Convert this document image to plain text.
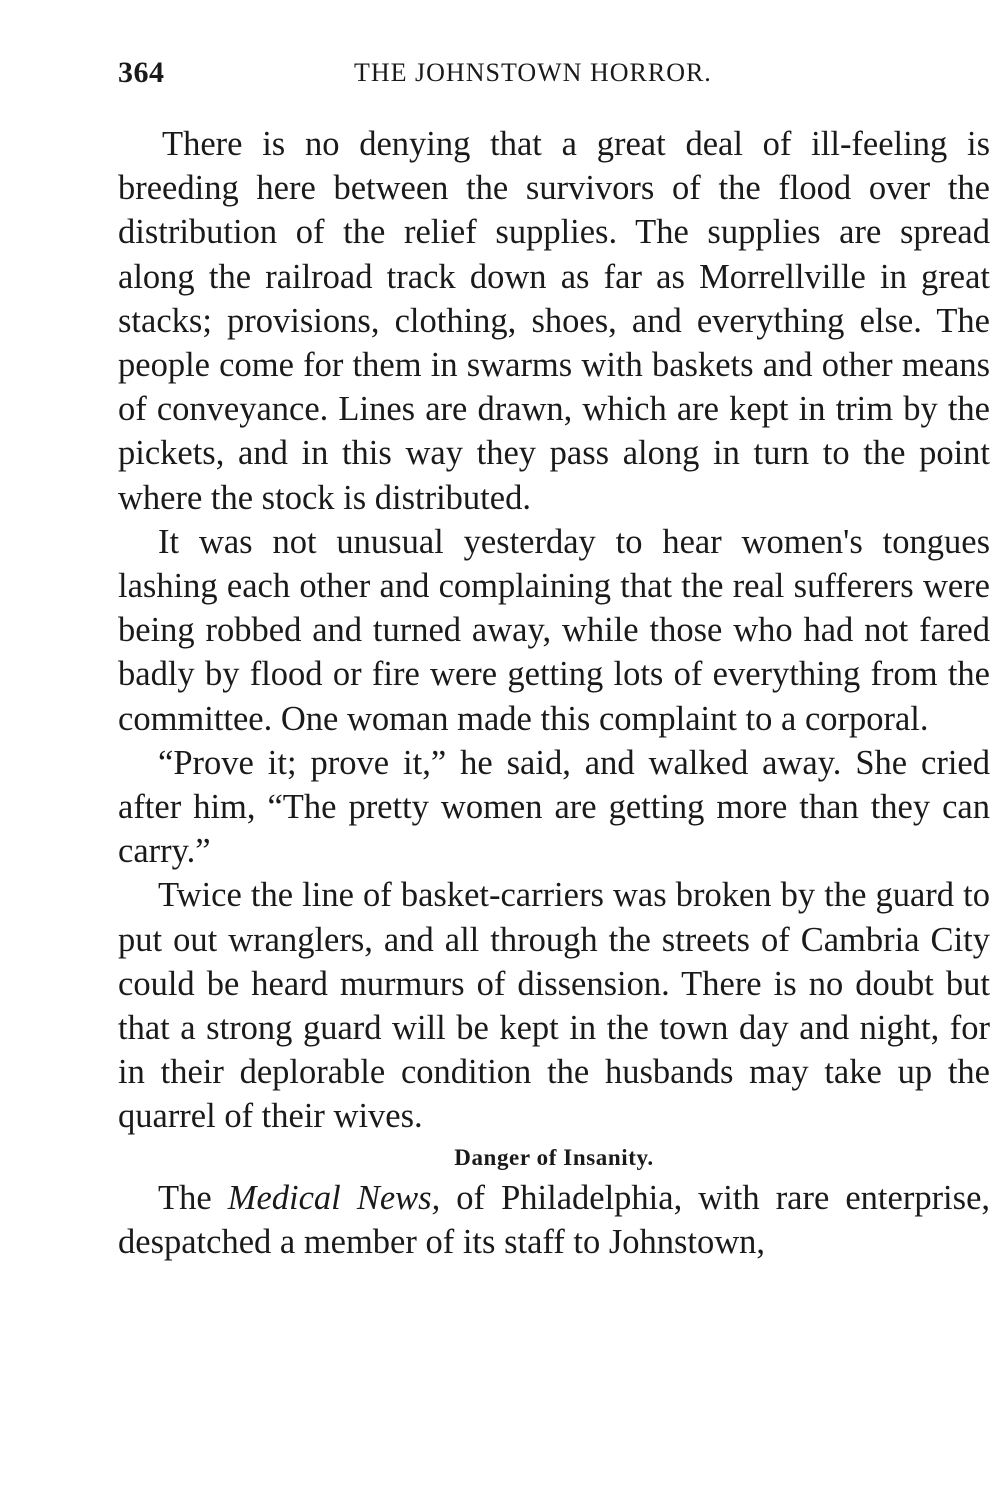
364	THE JOHNSTOWN HORROR.

There is no denying that a great deal of ill-feeling is breeding here between the survivors of the flood over the distribution of the relief supplies. The supplies are spread along the railroad track down as far as Morrellville in great stacks; provisions, clothing, shoes, and everything else. The people come for them in swarms with baskets and other means of conveyance. Lines are drawn, which are kept in trim by the pickets, and in this way they pass along in turn to the point where the stock is distributed.

It was not unusual yesterday to hear women's tongues lashing each other and complaining that the real sufferers were being robbed and turned away, while those who had not fared badly by flood or fire were getting lots of everything from the committee. One woman made this complaint to a corporal.

“Prove it; prove it,” he said, and walked away. She cried after him, “The pretty women are getting more than they can carry.”

Twice the line of basket-carriers was broken by the guard to put out wranglers, and all through the streets of Cambria City could be heard murmurs of dissension. There is no doubt but that a strong guard will be kept in the town day and night, for in their deplorable condition the husbands may take up the quarrel of their wives.

Danger of Insanity.

The Medical News, of Philadelphia, with rare enterprise, despatched a member of its staff to Johnstown,
